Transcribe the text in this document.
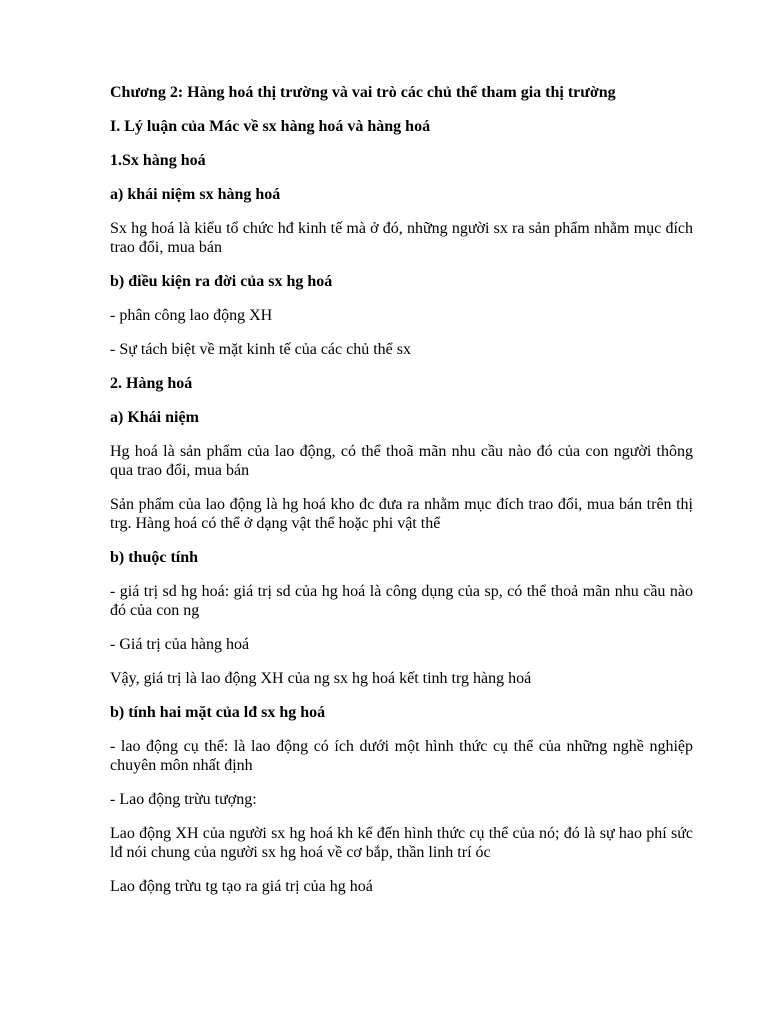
Chương 2: Hàng hoá thị trường và vai trò các chủ thể tham gia thị trường

I. Lý luận của Mác về sx hàng hoá và hàng hoá

1.Sx hàng hoá

a) khái niệm sx hàng hoá

Sx hg hoá là kiểu tổ chức hđ kinh tế mà ở đó, những người sx ra sản phẩm nhằm mục đích trao đổi, mua bán

b) điều kiện ra đời của sx hg hoá

- phân công lao động XH

- Sự tách biệt về mặt kinh tế của các chủ thể sx

2. Hàng hoá

a) Khái niệm

Hg hoá là sản phẩm của lao động, có thể thoã mãn nhu cầu nào đó của con người thông qua trao đổi, mua bán

Sản phẩm của lao động là hg hoá kho đc đưa ra nhằm mục đích trao đổi, mua bán trên thị trg. Hàng hoá có thể ở dạng vật thể hoặc phi vật thể

b) thuộc tính

- giá trị sd hg hoá: giá trị sd của hg hoá là công dụng của sp, có thể thoả mãn nhu cầu nào đó của con ng

- Giá trị của hàng hoá

Vậy, giá trị là lao động XH của ng sx hg hoá kết tinh trg hàng hoá

b) tính hai mặt của lđ sx hg hoá

- lao động cụ thể: là lao động có ích dưới một hình thức cụ thể của những nghề nghiệp chuyên môn nhất định

- Lao động trừu tượng:

Lao động XH của người sx hg hoá kh kể đến hình thức cụ thể của nó; đó là sự hao phí sức lđ nói chung của người sx hg hoá về cơ bắp, thần linh trí óc

Lao động trừu tg tạo ra giá trị của hg hoá
